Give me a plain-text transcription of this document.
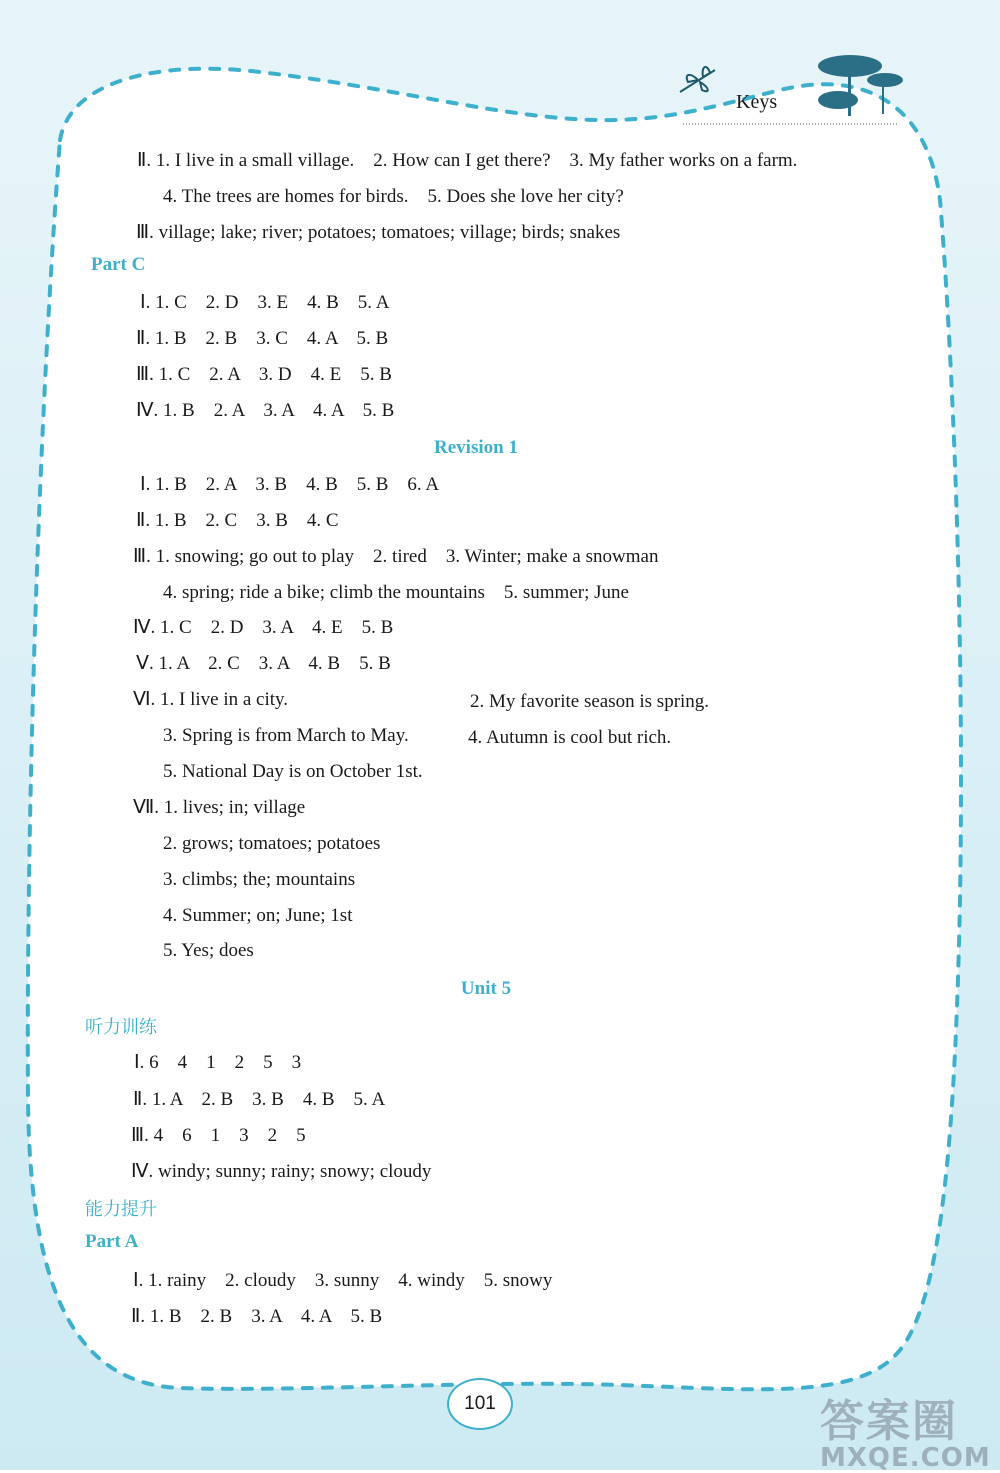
Keys
Ⅱ. 1. I live in a small village.    2. How can I get there?    3. My father works on a farm.
4. The trees are homes for birds.    5. Does she love her city?
Ⅲ. village; lake; river; potatoes; tomatoes; village; birds; snakes
Part C
Ⅰ. 1. C    2. D    3. E    4. B    5. A
Ⅱ. 1. B    2. B    3. C    4. A    5. B
Ⅲ. 1. C    2. A    3. D    4. E    5. B
Ⅳ. 1. B    2. A    3. A    4. A    5. B
Revision 1
Ⅰ. 1. B    2. A    3. B    4. B    5. B    6. A
Ⅱ. 1. B    2. C    3. B    4. C
Ⅲ. 1. snowing; go out to play    2. tired    3. Winter; make a snowman
4. spring; ride a bike; climb the mountains    5. summer; June
Ⅳ. 1. C    2. D    3. A    4. E    5. B
Ⅴ. 1. A    2. C    3. A    4. B    5. B
Ⅵ. 1. I live in a city.	2. My favorite season is spring.
3. Spring is from March to May.	4. Autumn is cool but rich.
5. National Day is on October 1st.
Ⅶ. 1. lives; in; village
2. grows; tomatoes; potatoes
3. climbs; the; mountains
4. Summer; on; June; 1st
5. Yes; does
Unit 5
听力训练
Ⅰ. 6    4    1    2    5    3
Ⅱ. 1. A    2. B    3. B    4. B    5. A
Ⅲ. 4    6    1    3    2    5
Ⅳ. windy; sunny; rainy; snowy; cloudy
能力提升
Part A
Ⅰ. 1. rainy    2. cloudy    3. sunny    4. windy    5. snowy
Ⅱ. 1. B    2. B    3. A    4. A    5. B
101	答案圈
MXQE.COM
